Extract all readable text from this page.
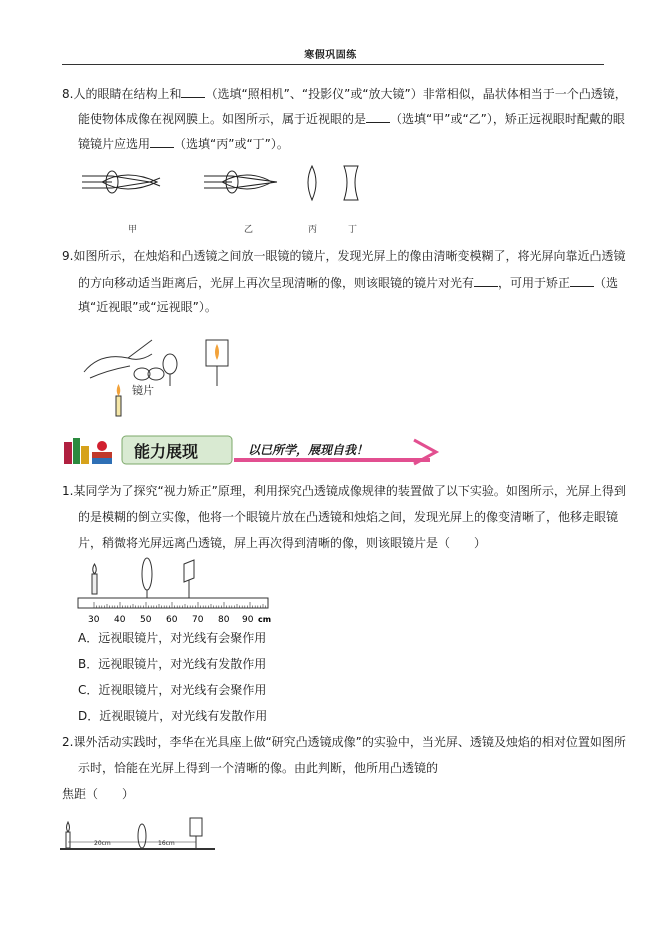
寒假巩固练
8.人的眼睛在结构上和 （选填“照相机”、“投影仪”或“放大镜”）非常相似，晶状体相当于一个凸透镜，
能使物体成像在视网膜上。如图所示，属于近视眼的是 （选填“甲”或“乙”），矫正远视眼时配戴的眼
镜镜片应选用 （选填“丙”或“丁”）。
甲	乙	丙	丁
9.如图所示，在烛焰和凸透镜之间放一眼镜的镜片，发现光屏上的像由清晰变模糊了，将光屏向靠近凸透镜
的方向移动适当距离后，光屏上再次呈现清晰的像，则该眼镜的镜片对光有 ，可用于矫正 （选
填“近视眼”或“远视眼”）。
镜片
能力展现	以已所学，展现自我！
1.某同学为了探究“视力矫正”原理，利用探究凸透镜成像规律的装置做了以下实验。如图所示，光屏上得到
的是模糊的倒立实像，他将一个眼镜片放在凸透镜和烛焰之间，发现光屏上的像变清晰了，他移走眼镜
片，稍微将光屏远离凸透镜，屏上再次得到清晰的像，则该眼镜片是（　　）
30 40 50 60 70 80 90 cm
A．远视眼镜片，对光线有会聚作用
B．远视眼镜片，对光线有发散作用
C．近视眼镜片，对光线有会聚作用
D．近视眼镜片，对光线有发散作用
2.课外活动实践时，李华在光具座上做“研究凸透镜成像”的实验中，当光屏、透镜及烛焰的相对位置如图所
示时，恰能在光屏上得到一个清晰的像。由此判断，他所用凸透镜的
焦距（　　）
20cm	16cm
